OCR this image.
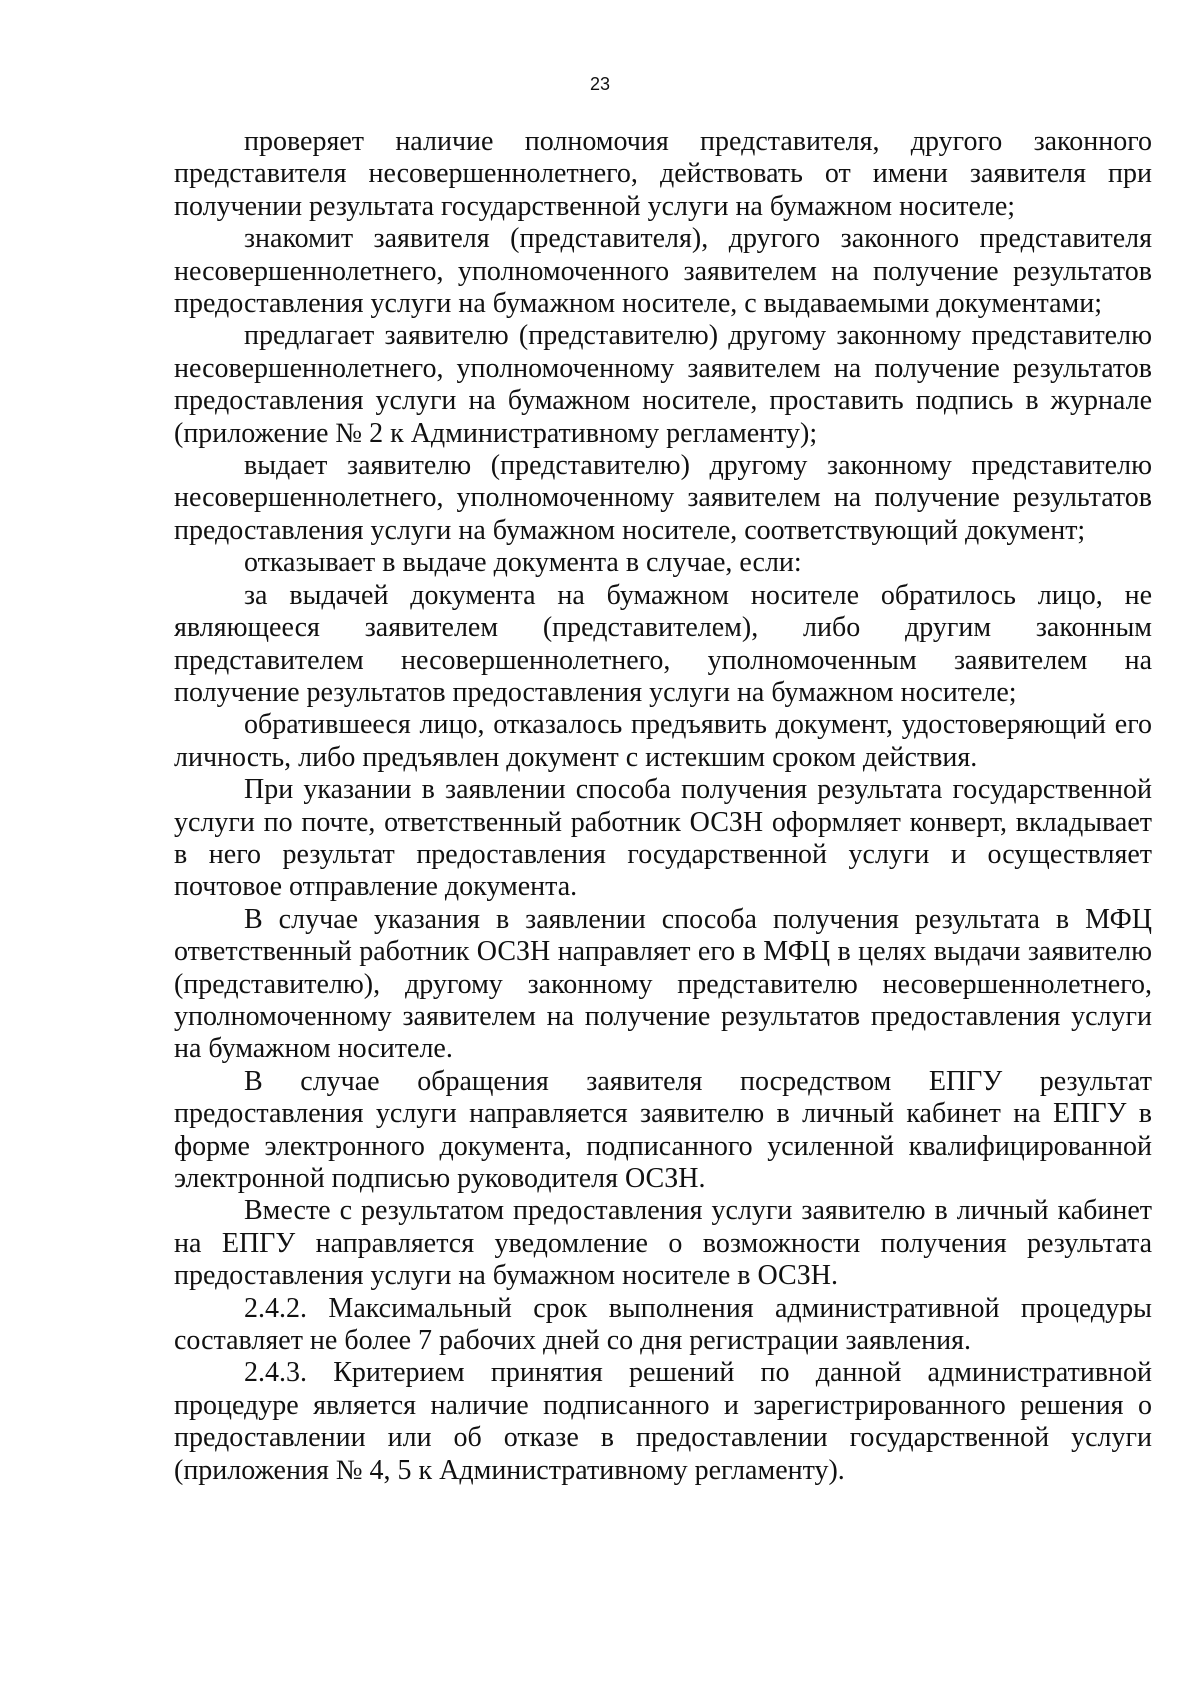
23

проверяет наличие полномочия представителя, другого законного представителя несовершеннолетнего, действовать от имени заявителя при получении результата государственной услуги на бумажном носителе;

знакомит заявителя (представителя), другого законного представителя несовершеннолетнего, уполномоченного заявителем на получение результатов предоставления услуги на бумажном носителе, с выдаваемыми документами;

предлагает заявителю (представителю) другому законному представителю несовершеннолетнего, уполномоченному заявителем на получение результатов предоставления услуги на бумажном носителе, проставить подпись в журнале (приложение № 2 к Административному регламенту);

выдает заявителю (представителю) другому законному представителю несовершеннолетнего, уполномоченному заявителем на получение результатов предоставления услуги на бумажном носителе, соответствующий документ;

отказывает в выдаче документа в случае, если:

за выдачей документа на бумажном носителе обратилось лицо, не являющееся заявителем (представителем), либо другим законным представителем несовершеннолетнего, уполномоченным заявителем на получение результатов предоставления услуги на бумажном носителе;

обратившееся лицо, отказалось предъявить документ, удостоверяющий его личность, либо предъявлен документ с истекшим сроком действия.

При указании в заявлении способа получения результата государственной услуги по почте, ответственный работник ОСЗН оформляет конверт, вкладывает в него результат предоставления государственной услуги и осуществляет почтовое отправление документа.

В случае указания в заявлении способа получения результата в МФЦ ответственный работник ОСЗН направляет его в МФЦ в целях выдачи заявителю (представителю), другому законному представителю несовершеннолетнего, уполномоченному заявителем на получение результатов предоставления услуги на бумажном носителе.

В случае обращения заявителя посредством ЕПГУ результат предоставления услуги направляется заявителю в личный кабинет на ЕПГУ в форме электронного документа, подписанного усиленной квалифицированной электронной подписью руководителя ОСЗН.

Вместе с результатом предоставления услуги заявителю в личный кабинет на ЕПГУ направляется уведомление о возможности получения результата предоставления услуги на бумажном носителе в ОСЗН.

2.4.2. Максимальный срок выполнения административной процедуры составляет не более 7 рабочих дней со дня регистрации заявления.

2.4.3. Критерием принятия решений по данной административной процедуре является наличие подписанного и зарегистрированного решения о предоставлении или об отказе в предоставлении государственной услуги (приложения № 4, 5 к Административному регламенту).
